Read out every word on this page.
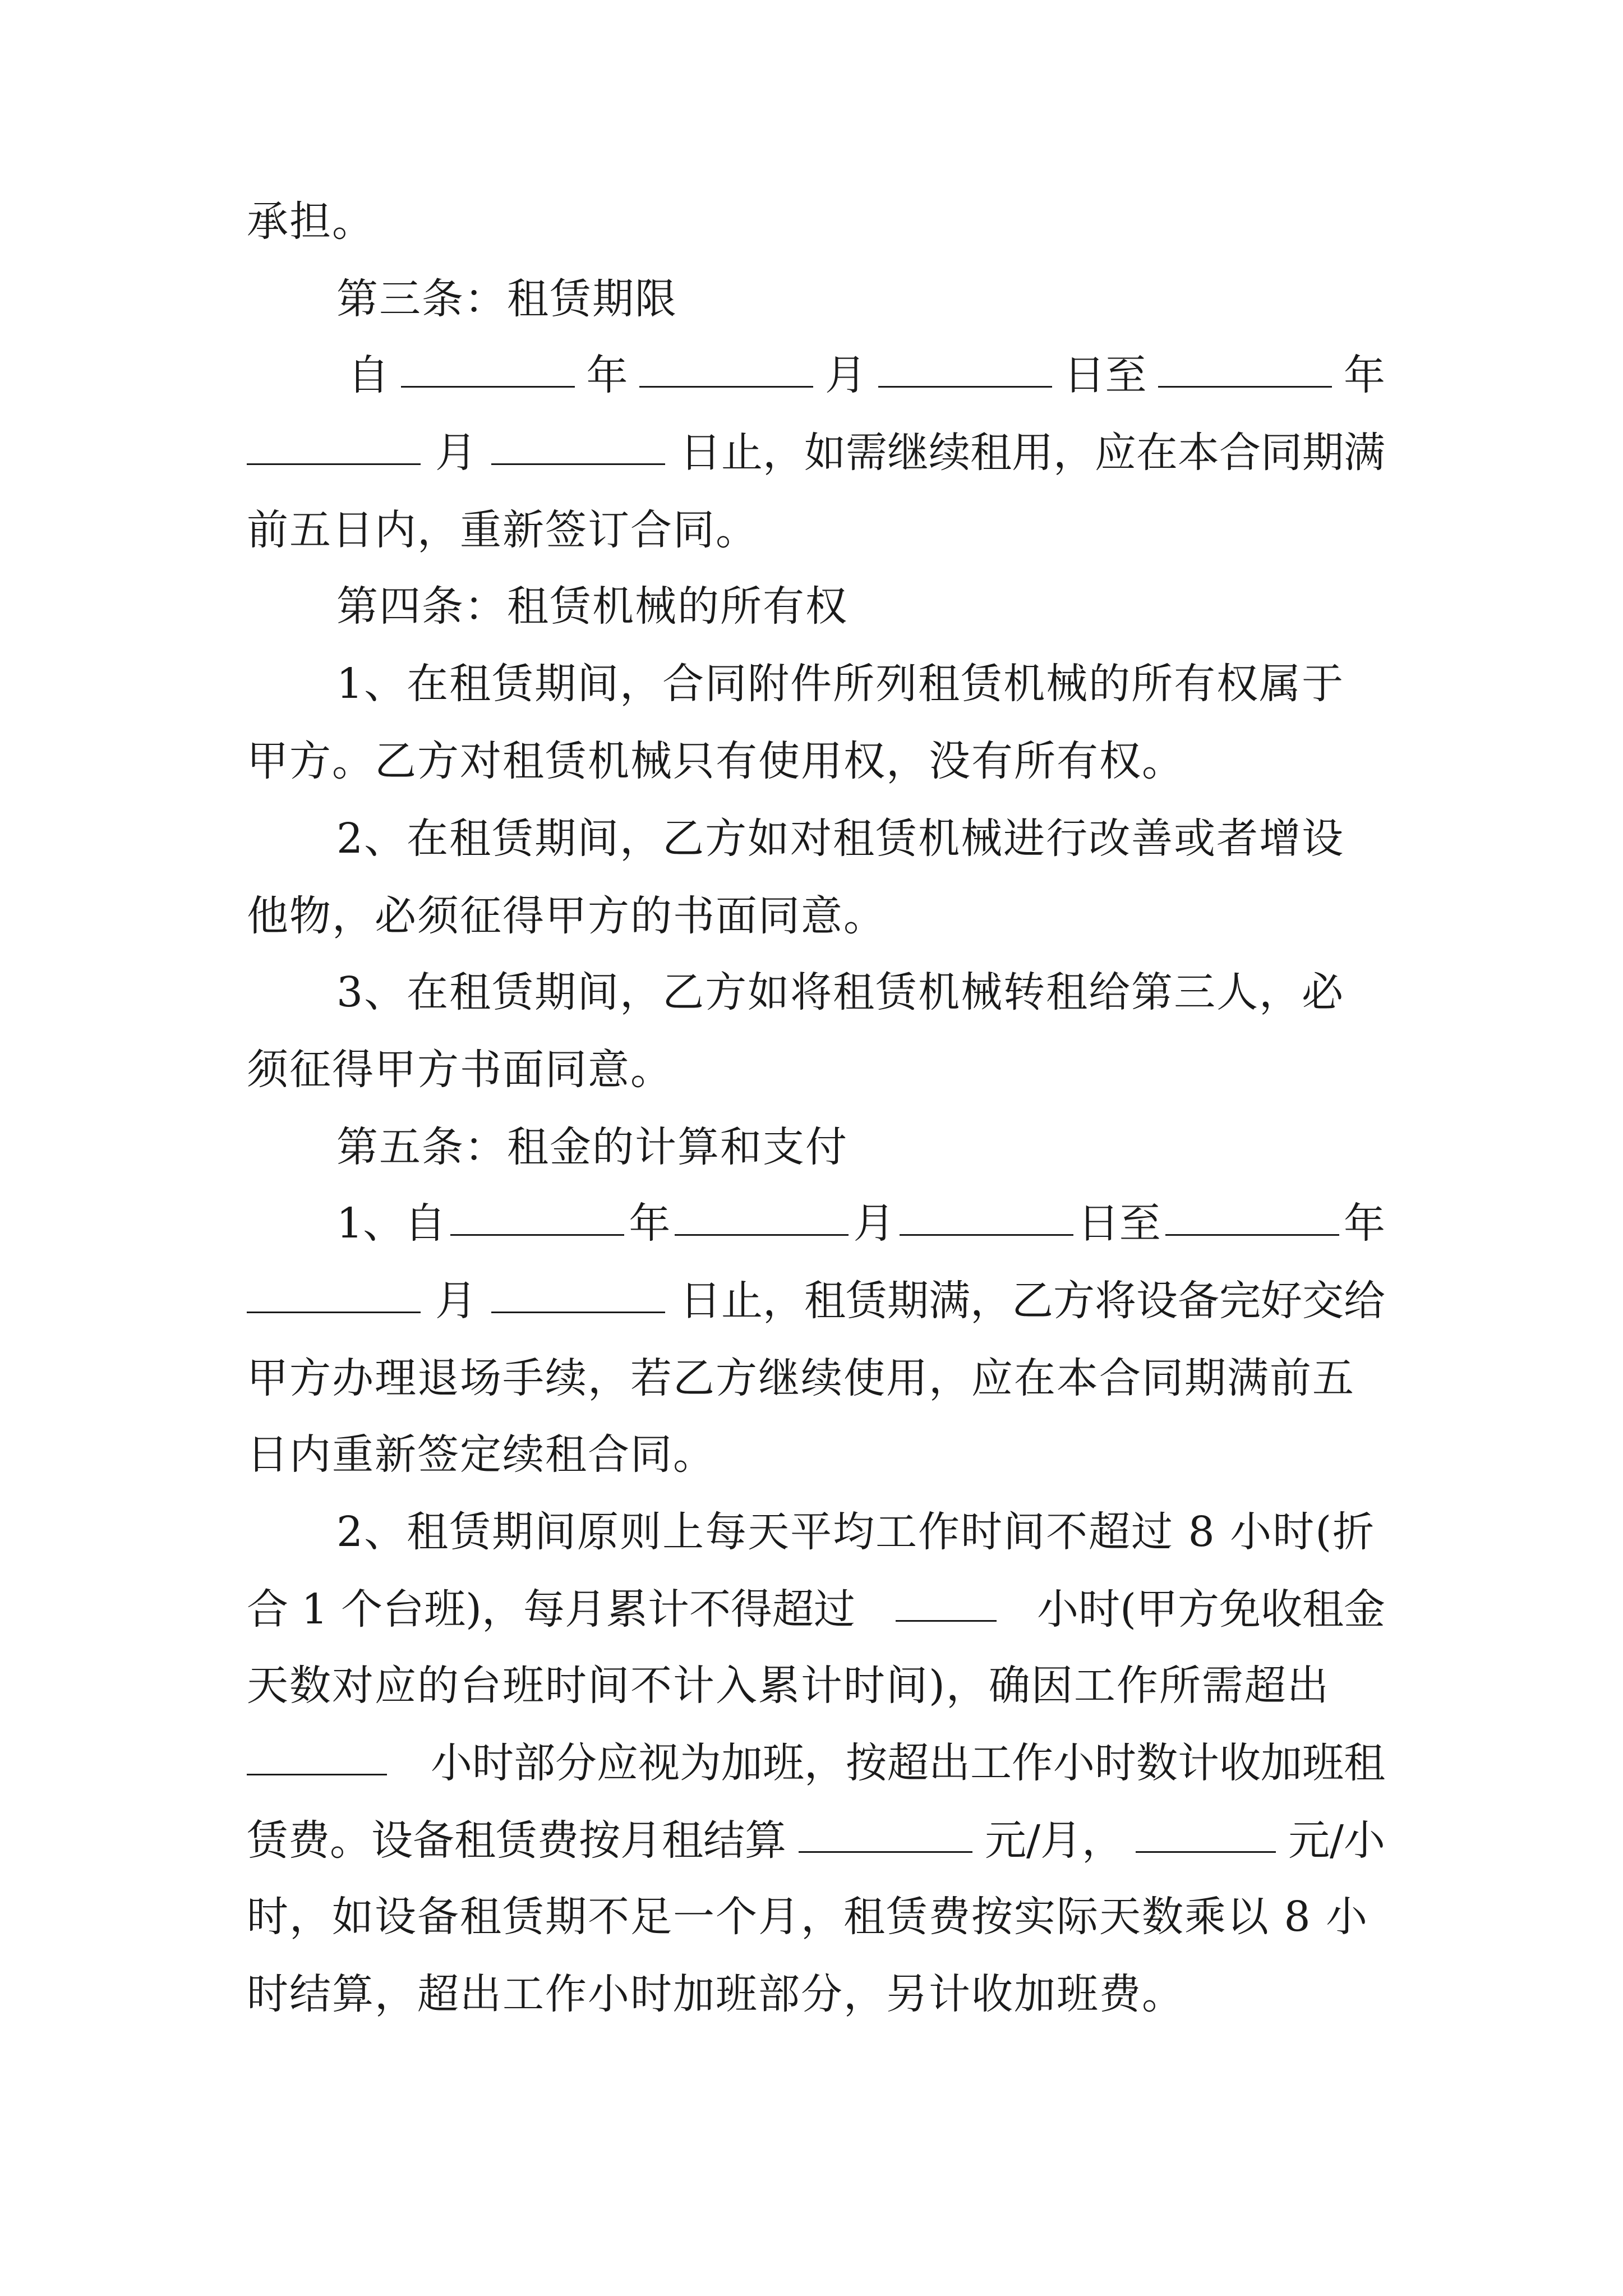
承担。
第三条：租赁期限
自	年	月	日至	年
月	日止，如需继续租用，应在本合同期满
前五日内，重新签订合同。
第四条：租赁机械的所有权
1、在租赁期间，合同附件所列租赁机械的所有权属于
甲方。乙方对租赁机械只有使用权，没有所有权。
2、在租赁期间，乙方如对租赁机械进行改善或者增设
他物，必须征得甲方的书面同意。
3、在租赁期间，乙方如将租赁机械转租给第三人，必
须征得甲方书面同意。
第五条：租金的计算和支付
1、自	年	月	日至	年
月	日止，租赁期满，乙方将设备完好交给
甲方办理退场手续，若乙方继续使用，应在本合同期满前五
日内重新签定续租合同。
2、租赁期间原则上每天平均工作时间不超过 8 小时(折
合 1 个台班)，每月累计不得超过	小时(甲方免收租金
天数对应的台班时间不计入累计时间)，确因工作所需超出
小时部分应视为加班，按超出工作小时数计收加班租
赁费。设备租赁费按月租结算	元/月，	元/小
时，如设备租赁期不足一个月，租赁费按实际天数乘以 8 小
时结算，超出工作小时加班部分，另计收加班费。
